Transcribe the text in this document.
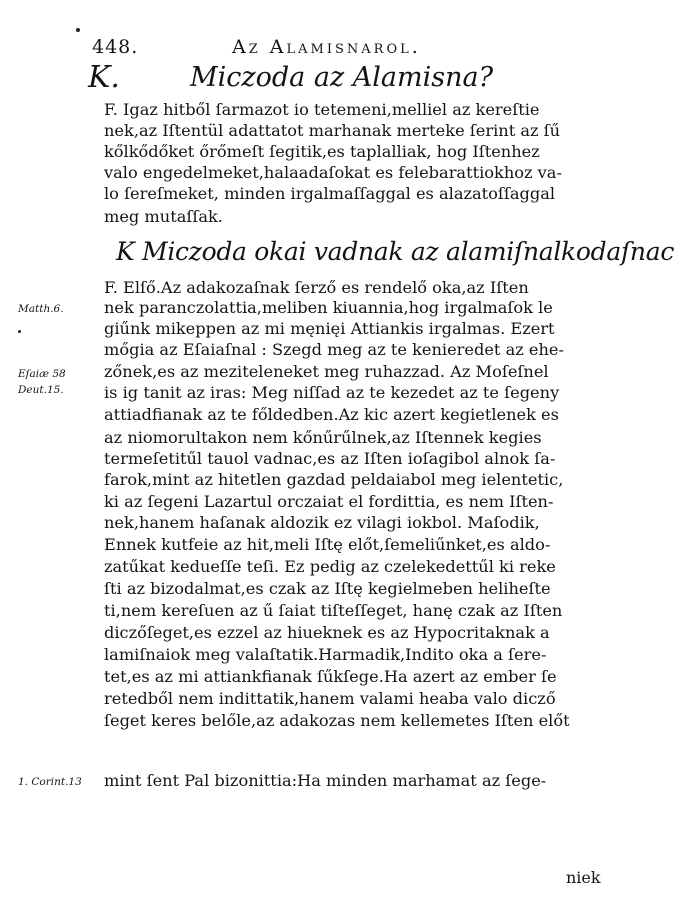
448.	Az Alamisnarol.
K.	Miczoda az Alamisna?
F. Igaz hitből ſarmazot io tetemeni,melliel az kereſtie
nek,az Iſtentül adattatot marhanak merteke ſerint az ſű
kőlkődőket őrőmeſt ſegitik,es taplalliak, hog Iſtenhez
valo engedelmeket,halaadaſokat es felebarattiokhoz va-
lo ſereſmeket, minden irgalmaſſaggal es alazatoſſaggal
meg mutaſſak.
K Miczoda okai vadnak az alamiſnalkodaſnac
F. Elſő.Az adakozaſnak ſerző es rendelő oka,az Iſten
nek paranczolattia,meliben kiuannia,hog irgalmaſok le
giűnk mikeppen az mi męnięi Attiankis irgalmas. Ezert
mőgia az Eſaiaſnal : Szegd meg az te kenieredet az ehe-
zőnek,es az mezitelenek​et meg ruhazzad. Az Moſeſnel
is ig tanit az iras: Meg niſſad az te kezedet az te ſegeny
attiadfianak az te főldedben.Az kic azert kegietlenek es
az niomorultakon nem kőnűrűlnek,az Iſtennek kegies
termeſetitűl tauol vadnac,es az Iſten ioſagibol alnok ſa-
farok,mint az hitetlen gazdad peldaiabol meg ielentetic,
ki az ſegeni Lazartul orczaiat el fordittia, es nem Iſten-
nek,hanem haſanak aldozik ez vilagi iokbol. Maſodik,
Ennek kutfeie az hit,meli Iſtę előt,ſemeliűnket,es aldo-
zatűkat kedueſſe teſi. Ez pedig az czelekedettűl ki reke
ſti az bizodalmat,es czak az Iſtę kegielmeben heliheſte
ti,nem kereſuen az ű ſaiat tiſteſſeget, hanę czak az Iſten
diczőſeget,es ezzel az hiueknek es az Hypocritaknak a
lamiſnaiok meg valaſtatik.Harmadik,Indito oka a ſere-
tet,es az mi attiankfianak ſűkſege.Ha azert az ember ſe
retedből nem indittatik,hanem valami heaba valo dicző
ſeget keres belőle,az adakozas nem kellemetes Iſten előt
mint ſent Pal bizonittia:Ha minden marhamat az ſege-
Matth.6.
Eſaiæ 58
Deut.15.
1. Corint.13
niek
